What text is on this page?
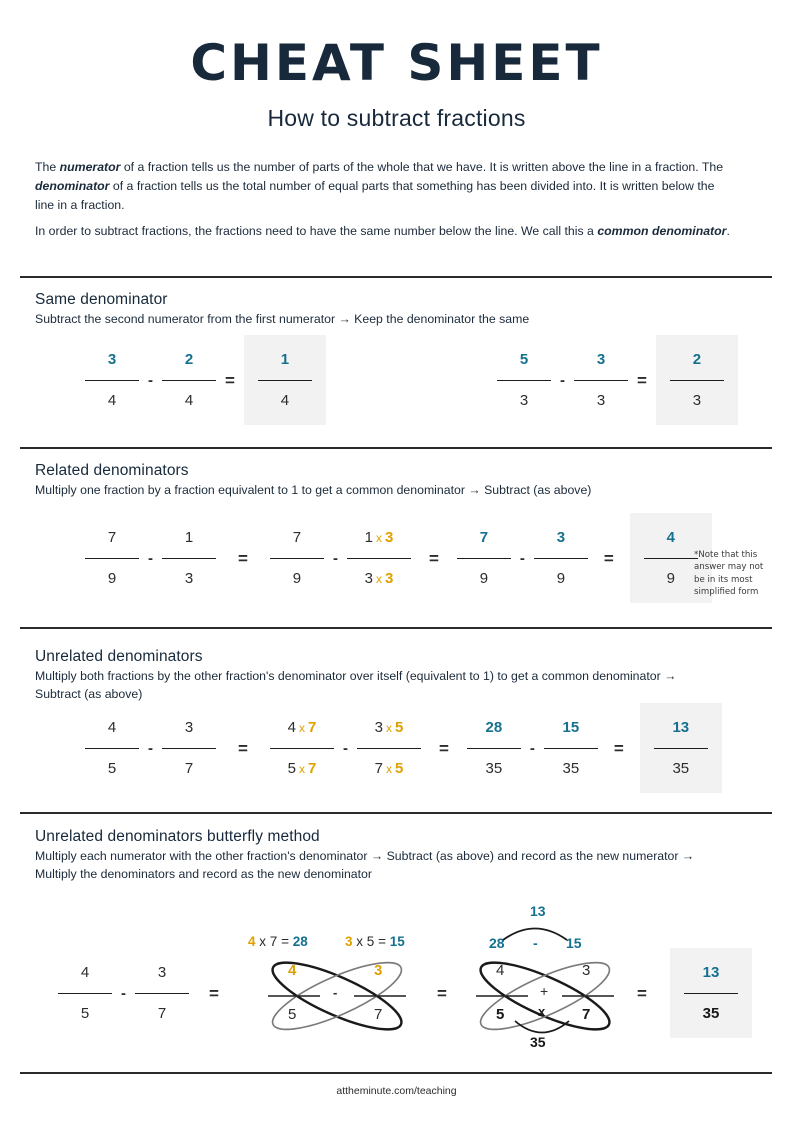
CHEAT SHEET
How to subtract fractions
The numerator of a fraction tells us the number of parts of the whole that we have. It is written above the line in a fraction. The denominator of a fraction tells us the total number of equal parts that something has been divided into. It is written below the line in a fraction.
In order to subtract fractions, the fractions need to have the same number below the line. We call this a common denominator.
Same denominator
Subtract the second numerator from the first numerator → Keep the denominator the same
$\frac{3}{4} - \frac{2}{4} = \frac{1}{4}$	$\frac{5}{3} - \frac{3}{3} = \frac{2}{3}$
Related denominators
Multiply one fraction by a fraction equivalent to 1 to get a common denominator → Subtract (as above)
$\frac{7}{9} - \frac{1}{3}$	=	$\frac{7}{9} - \frac{1 x 3}{3 x 3}$	=	$\frac{7}{9} - \frac{3}{9}$ =	$\frac{4}{9}$
*Note that this answer may not be in its most simplified form
Unrelated denominators
Multiply both fractions by the other fraction's denominator over itself (equivalent to 1) to get a common denominator → Subtract (as above)
$\frac{4}{5} - \frac{3}{7}$	=	$\frac{4 x 7}{5 x 7} - \frac{3 x 5}{7 x 5}$	=	$\frac{28}{35} - \frac{15}{35}$ =	$\frac{13}{35}$
Unrelated denominators butterfly method
Multiply each numerator with the other fraction's denominator → Subtract (as above) and record as the new numerator → Multiply the denominators and record as the new denominator
$\frac{4}{5} - \frac{3}{7}$	=
4 x 7 = 28	3 x 5 = 15
4	3
5	7
-	=
13
28 - 15
4	3
5	7
+
x
35
=	$\frac{13}{35}$
attheminute.com/teaching
